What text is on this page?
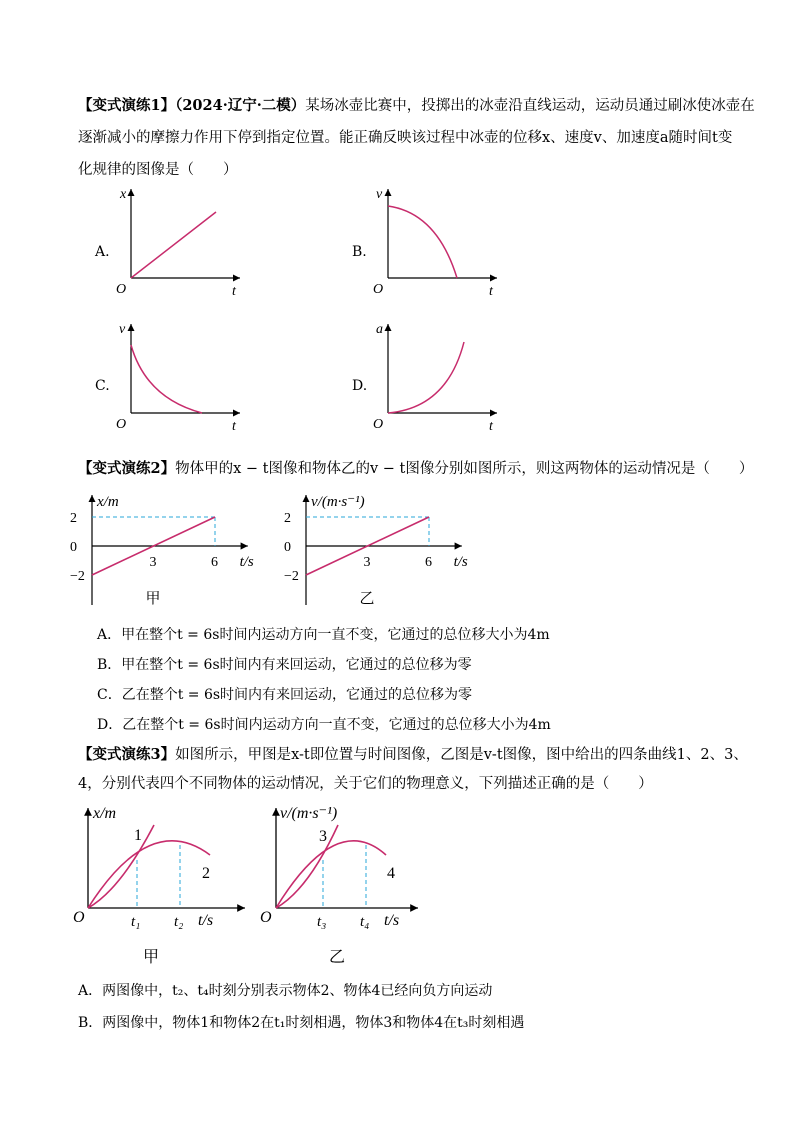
【变式演练1】（2024·辽宁·二模）某场冰壶比赛中，投掷出的冰壶沿直线运动，运动员通过刷冰使冰壶在
逐渐减小的摩擦力作用下停到指定位置。能正确反映该过程中冰壶的位移x、速度v、加速度a随时间t变
化规律的图像是（　　）
A.	B.
C.	D.
x
t
O
v
t
O
v
t
O
a
t
O
【变式演练2】物体甲的x − t图像和物体乙的v − t图像分别如图所示，则这两物体的运动情况是（　　）
2
0
−2
3	6
x/m
t/s
甲
2
0
−2
3	6
v/(m·s⁻¹)
t/s
乙
A．甲在整个t = 6s时间内运动方向一直不变，它通过的总位移大小为4m
B．甲在整个t = 6s时间内有来回运动，它通过的总位移为零
C．乙在整个t = 6s时间内有来回运动，它通过的总位移为零
D．乙在整个t = 6s时间内运动方向一直不变，它通过的总位移大小为4m
【变式演练3】如图所示，甲图是x-t即位置与时间图像，乙图是v-t图像，图中给出的四条曲线1、2、3、
4，分别代表四个不同物体的运动情况，关于它们的物理意义，下列描述正确的是（　　）
x/m
t/s
O
1
2
t₁ t₂
甲
v/(m·s⁻¹)
t/s
O
3
4
t₃ t₄
乙
A．两图像中，t₂、t₄时刻分别表示物体2、物体4已经向负方向运动
B．两图像中，物体1和物体2在t₁时刻相遇，物体3和物体4在t₃时刻相遇
